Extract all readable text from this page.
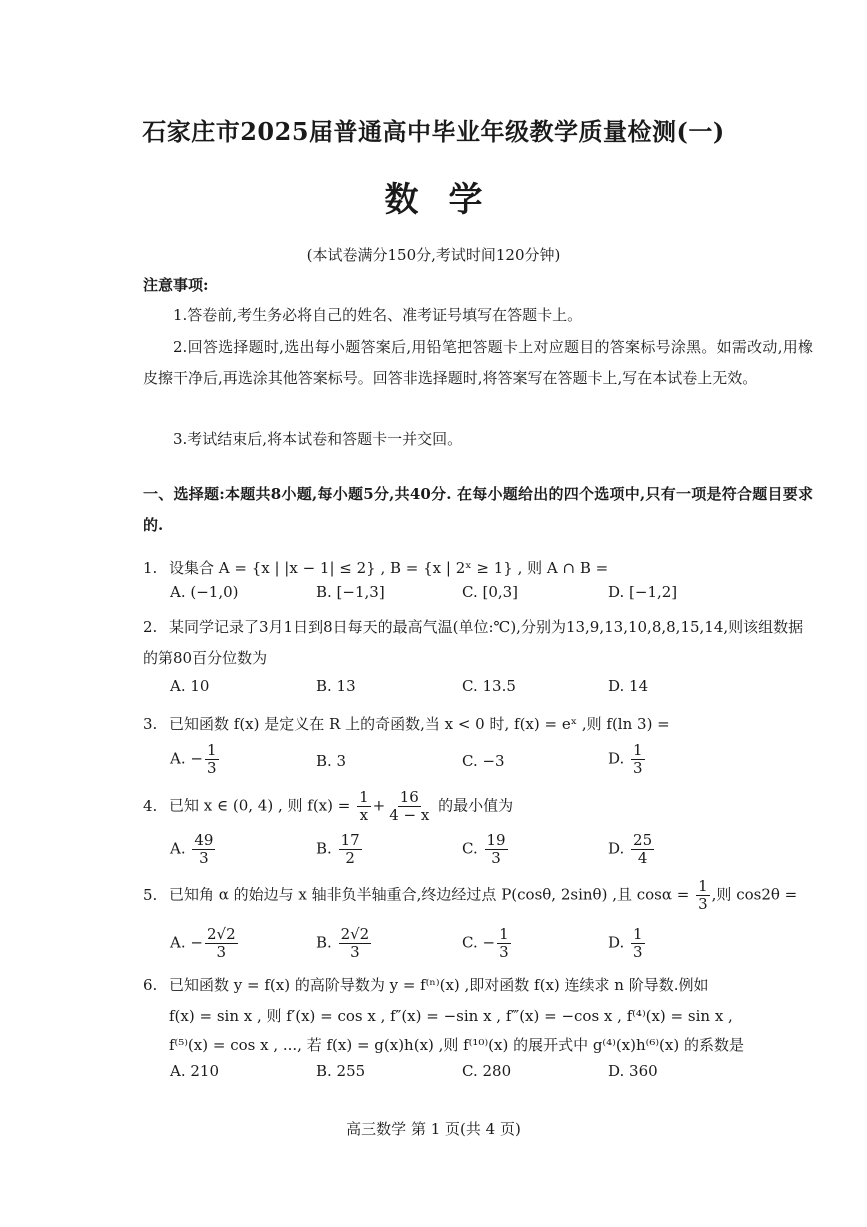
石家庄市2025届普通高中毕业年级教学质量检测(一)
数学
(本试卷满分150分,考试时间120分钟)
注意事项:
1.答卷前,考生务必将自己的姓名、准考证号填写在答题卡上。
2.回答选择题时,选出每小题答案后,用铅笔把答题卡上对应题目的答案标号涂黑。如需改动,用橡皮擦干净后,再选涂其他答案标号。回答非选择题时,将答案写在答题卡上,写在本试卷上无效。
3.考试结束后,将本试卷和答题卡一并交回。
一、选择题:本题共8小题,每小题5分,共40分. 在每小题给出的四个选项中,只有一项是符合题目要求的.
1. 设集合 A = {x | |x − 1| ≤ 2} , B = {x | 2ˣ ≥ 1} , 则 A ∩ B =
A. (−1,0)	B. [−1,3]	C. [0,3]	D. [−1,2]
2. 某同学记录了3月1日到8日每天的最高气温(单位:℃),分别为13,9,13,10,8,8,15,14,则该组数据的第80百分位数为
A. 10	B. 13	C. 13.5	D. 14
3. 已知函数 f(x) 是定义在 R 上的奇函数,当 x < 0 时, f(x) = eˣ ,则 f(ln 3) =
A. − $\frac{1}{3}$	B. 3	C. −3	D. $\frac{1}{3}$
4. 已知 x ∈ (0, 4) , 则 $f(x) = \frac{1}{x} + \frac{16}{4 - x}$ 的最小值为
A. $\frac{49}{3}$	B. $\frac{17}{2}$	C. $\frac{19}{3}$	D. $\frac{25}{4}$
5. 已知角 α 的始边与 x 轴非负半轴重合,终边经过点 P(cosθ, 2sinθ) ,且 $\cos\alpha = \frac{1}{3}$ ,则 cos2θ =
A. − $\frac{2√2}{3}$	B. $\frac{2√2}{3}$	C. − $\frac{1}{3}$	D. $\frac{1}{3}$
6. 已知函数 y = f(x) 的高阶导数为 y = f⁽ⁿ⁾(x) ,即对函数 f(x) 连续求 n 阶导数.例如
f(x) = sin x , 则 f′(x) = cos x , f″(x) = −sin x , f‴(x) = −cos x , f⁽⁴⁾(x) = sin x ,
f⁽⁵⁾(x) = cos x , ..., 若 f(x) = g(x)h(x) ,则 f⁽¹⁰⁾(x) 的展开式中 g⁽⁴⁾(x)h⁽⁶⁾(x) 的系数是
A. 210	B. 255	C. 280	D. 360
高三数学 第 1 页(共 4 页)
